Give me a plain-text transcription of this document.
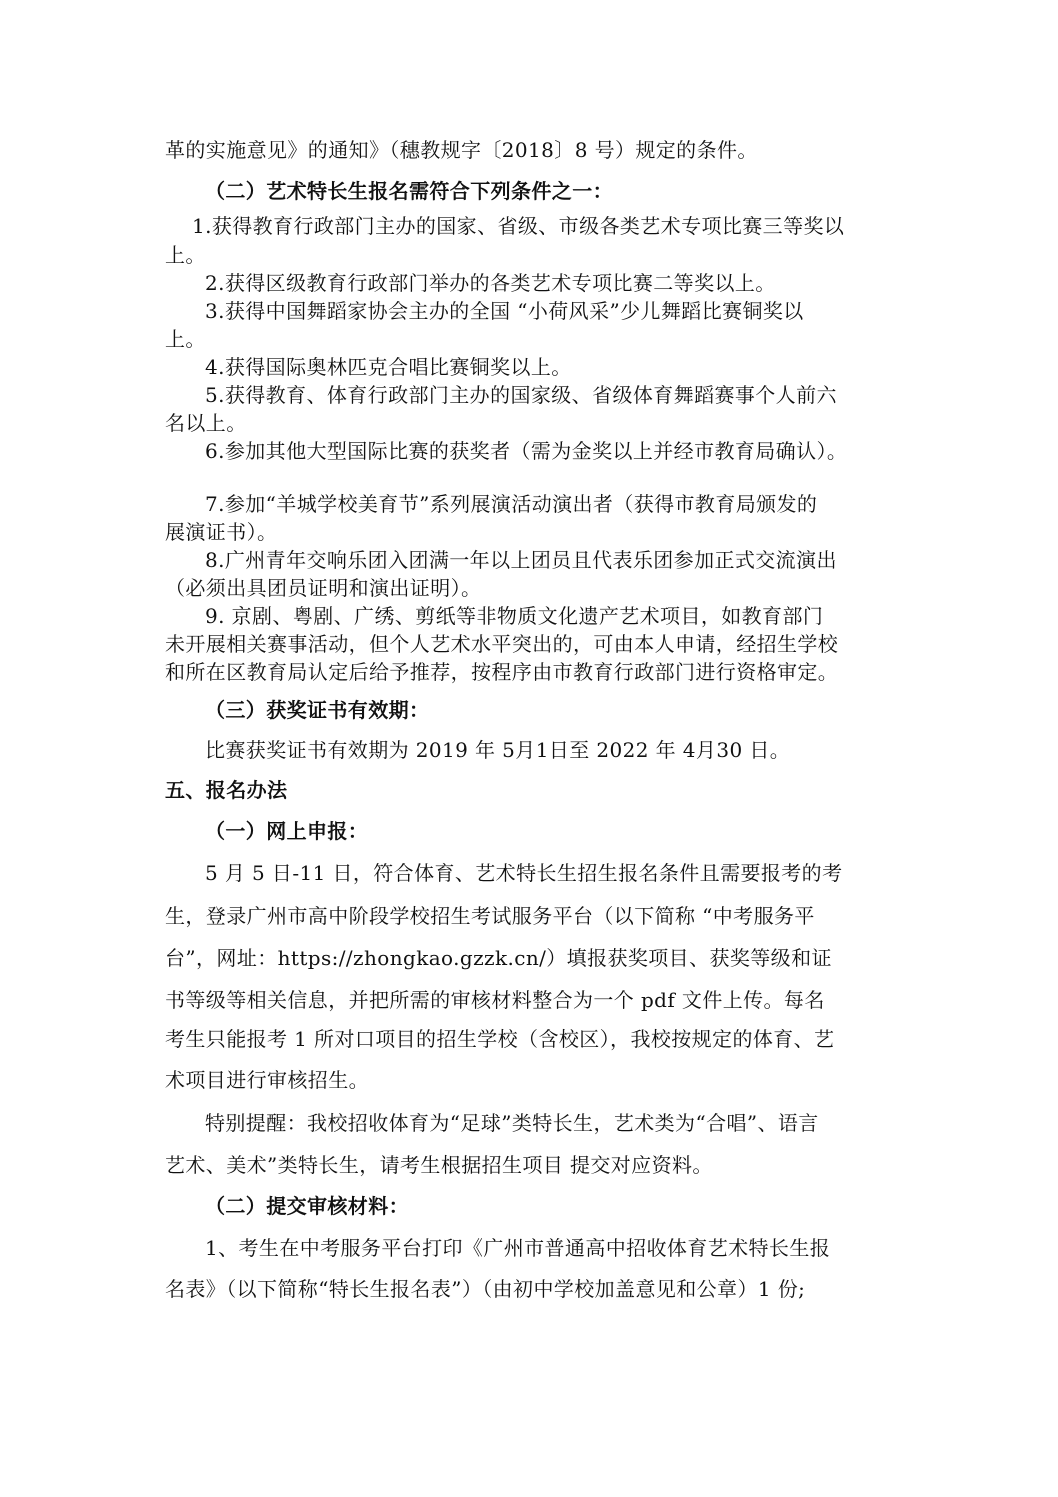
革的实施意见》的通知》（穗教规字〔2018〕8 号）规定的条件。
（二）艺术特长生报名需符合下列条件之一：
1.获得教育行政部门主办的国家、省级、市级各类艺术专项比赛三等奖以
上。
2.获得区级教育行政部门举办的各类艺术专项比赛二等奖以上。
3.获得中国舞蹈家协会主办的全国 “小荷风采”少儿舞蹈比赛铜奖以
上。
4.获得国际奥林匹克合唱比赛铜奖以上。
5.获得教育、体育行政部门主办的国家级、省级体育舞蹈赛事个人前六
名以上。
6.参加其他大型国际比赛的获奖者（需为金奖以上并经市教育局确认）。
7.参加“羊城学校美育节”系列展演活动演出者（获得市教育局颁发的
展演证书）。
8.广州青年交响乐团入团满一年以上团员且代表乐团参加正式交流演出
（必须出具团员证明和演出证明）。
9. 京剧、粤剧、广绣、剪纸等非物质文化遗产艺术项目，如教育部门
未开展相关赛事活动，但个人艺术水平突出的，可由本人申请，经招生学校
和所在区教育局认定后给予推荐，按程序由市教育行政部门进行资格审定。
（三）获奖证书有效期：
比赛获奖证书有效期为 2019 年 5月1日至 2022 年 4月30 日。
五、报名办法
（一）网上申报：
5 月 5 日-11 日，符合体育、艺术特长生招生报名条件且需要报考的考
生，登录广州市高中阶段学校招生考试服务平台（以下简称 “中考服务平
台”，网址：https://zhongkao.gzzk.cn/）填报获奖项目、获奖等级和证
书等级等相关信息，并把所需的审核材料整合为一个 pdf 文件上传。每名
考生只能报考 1 所对口项目的招生学校（含校区），我校按规定的体育、艺
术项目进行审核招生。
特别提醒：我校招收体育为“足球”类特长生，艺术类为“合唱”、语言
艺术、美术”类特长生，请考生根据招生项目 提交对应资料。
（二）提交审核材料：
1、考生在中考服务平台打印《广州市普通高中招收体育艺术特长生报
名表》（以下简称“特长生报名表”）（由初中学校加盖意见和公章）1 份;
